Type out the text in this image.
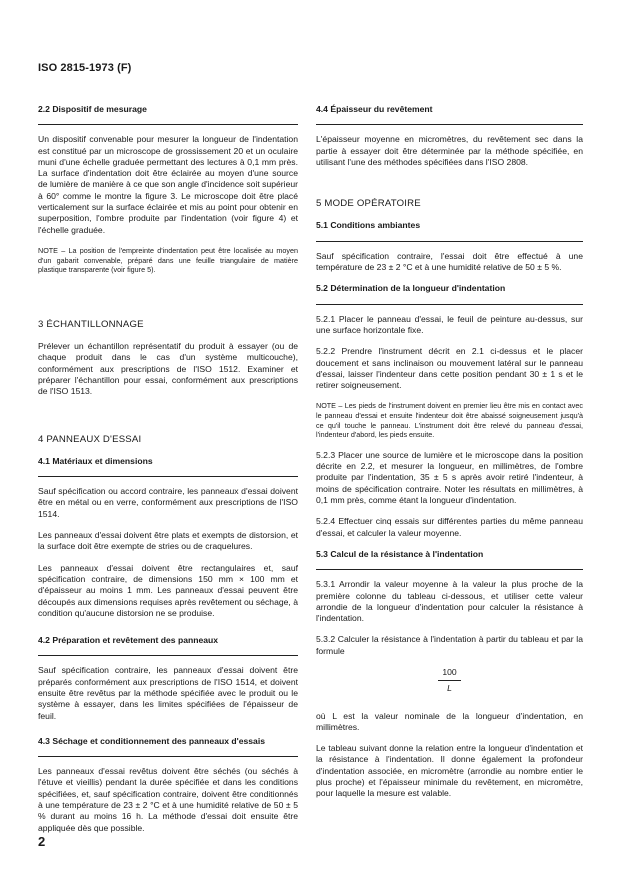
ISO 2815-1973 (F)
2.2 Dispositif de mesurage
Un dispositif convenable pour mesurer la longueur de l'indentation est constitué par un microscope de grossissement 20 et un oculaire muni d'une échelle graduée permettant des lectures à 0,1 mm près. La surface d'indentation doit être éclairée au moyen d'une source de lumière de manière à ce que son angle d'incidence soit supérieur à 60° comme le montre la figure 3. Le microscope doit être placé verticalement sur la surface éclairée et mis au point pour obtenir en superposition, l'ombre produite par l'indentation (voir figure 4) et l'échelle graduée.
NOTE – La position de l'empreinte d'indentation peut être localisée au moyen d'un gabarit convenable, préparé dans une feuille triangulaire de matière plastique transparente (voir figure 5).
3 ÉCHANTILLONNAGE
Prélever un échantillon représentatif du produit à essayer (ou de chaque produit dans le cas d'un système multicouche), conformément aux prescriptions de l'ISO 1512. Examiner et préparer l'échantillon pour essai, conformément aux prescriptions de l'ISO 1513.
4 PANNEAUX D'ESSAI
4.1 Matériaux et dimensions
Sauf spécification ou accord contraire, les panneaux d'essai doivent être en métal ou en verre, conformément aux prescriptions de l'ISO 1514.
Les panneaux d'essai doivent être plats et exempts de distorsion, et la surface doit être exempte de stries ou de craquelures.
Les panneaux d'essai doivent être rectangulaires et, sauf spécification contraire, de dimensions 150 mm × 100 mm et d'épaisseur au moins 1 mm. Les panneaux d'essai peuvent être découpés aux dimensions requises après revêtement ou séchage, à condition qu'aucune distorsion ne se produise.
4.2 Préparation et revêtement des panneaux
Sauf spécification contraire, les panneaux d'essai doivent être préparés conformément aux prescriptions de l'ISO 1514, et doivent ensuite être revêtus par la méthode spécifiée avec le produit ou le système à essayer, dans les limites spécifiées de l'épaisseur de feuil.
4.3 Séchage et conditionnement des panneaux d'essais
Les panneaux d'essai revêtus doivent être séchés (ou séchés à l'étuve et vieillis) pendant la durée spécifiée et dans les conditions spécifiées, et, sauf spécification contraire, doivent être conditionnés à une température de 23 ± 2 °C et à une humidité relative de 50 ± 5 % durant au moins 16 h. La méthode d'essai doit ensuite être appliquée dès que possible.
4.4 Épaisseur du revêtement
L'épaisseur moyenne en micromètres, du revêtement sec dans la partie à essayer doit être déterminée par la méthode spécifiée, en utilisant l'une des méthodes spécifiées dans l'ISO 2808.
5 MODE OPÉRATOIRE
5.1 Conditions ambiantes
Sauf spécification contraire, l'essai doit être effectué à une température de 23 ± 2 °C et à une humidité relative de 50 ± 5 %.
5.2 Détermination de la longueur d'indentation
5.2.1 Placer le panneau d'essai, le feuil de peinture au-dessus, sur une surface horizontale fixe.
5.2.2 Prendre l'instrument décrit en 2.1 ci-dessus et le placer doucement et sans inclinaison ou mouvement latéral sur le panneau d'essai, laisser l'indenteur dans cette position pendant 30 ± 1 s et le retirer soigneusement.
NOTE – Les pieds de l'instrument doivent en premier lieu être mis en contact avec le panneau d'essai et ensuite l'indenteur doit être abaissé soigneusement jusqu'à ce qu'il touche le panneau. L'instrument doit être relevé du panneau d'essai, l'indenteur d'abord, les pieds ensuite.
5.2.3 Placer une source de lumière et le microscope dans la position décrite en 2.2, et mesurer la longueur, en millimètres, de l'ombre produite par l'indentation, 35 ± 5 s après avoir retiré l'indenteur, à moins de spécification contraire. Noter les résultats en millimètres, à 0,1 mm près, comme étant la longueur d'indentation.
5.2.4 Effectuer cinq essais sur différentes parties du même panneau d'essai, et calculer la valeur moyenne.
5.3 Calcul de la résistance à l'indentation
5.3.1 Arrondir la valeur moyenne à la valeur la plus proche de la première colonne du tableau ci-dessous, et utiliser cette valeur arrondie de la longueur d'indentation pour calculer la résistance à l'indentation.
5.3.2 Calculer la résistance à l'indentation à partir du tableau et par la formule
$\frac{100}{L}$
où L est la valeur nominale de la longueur d'indentation, en millimètres.
Le tableau suivant donne la relation entre la longueur d'indentation et la résistance à l'indentation. Il donne également la profondeur d'indentation associée, en micromètre (arrondie au nombre entier le plus proche) et l'épaisseur minimale du revêtement, en micromètre, pour laquelle la mesure est valable.
2
